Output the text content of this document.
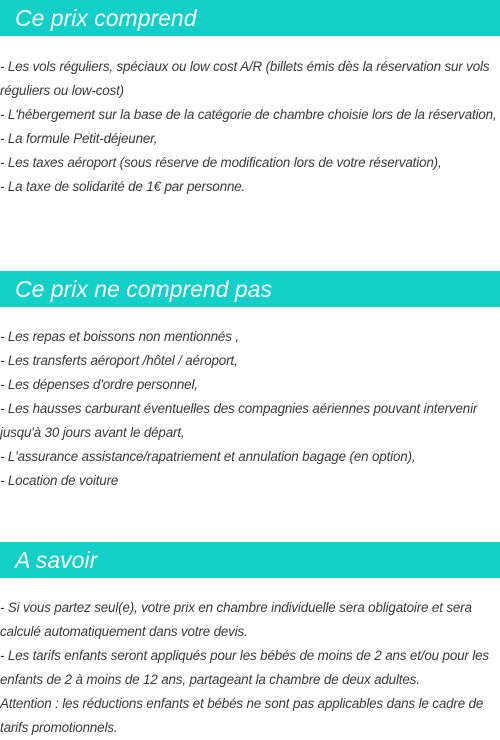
Ce prix comprend
- Les vols réguliers, spéciaux ou low cost A/R (billets émis dès la réservation sur vols réguliers ou low-cost)
- L'hébergement sur la base de la catégorie de chambre choisie lors de la réservation,
- La formule Petit-déjeuner,
- Les taxes aéroport (sous réserve de modification lors de votre réservation),
- La taxe de solidarité de 1€ par personne.
Ce prix ne comprend pas
- Les repas et boissons non mentionnés ,
- Les transferts aéroport /hôtel / aéroport,
- Les dépenses d'ordre personnel,
- Les hausses carburant éventuelles des compagnies aériennes pouvant intervenir jusqu'à 30 jours avant le départ,
- L'assurance assistance/rapatriement et annulation bagage (en option),
- Location de voiture
A savoir
- Si vous partez seul(e), votre prix en chambre individuelle sera obligatoire et sera calculé automatiquement dans votre devis.
- Les tarifs enfants seront appliqués pour les bébés de moins de 2 ans et/ou pour les enfants de 2 à moins de 12 ans, partageant la chambre de deux adultes.
Attention : les réductions enfants et bébés ne sont pas applicables dans le cadre de tarifs promotionnels.
